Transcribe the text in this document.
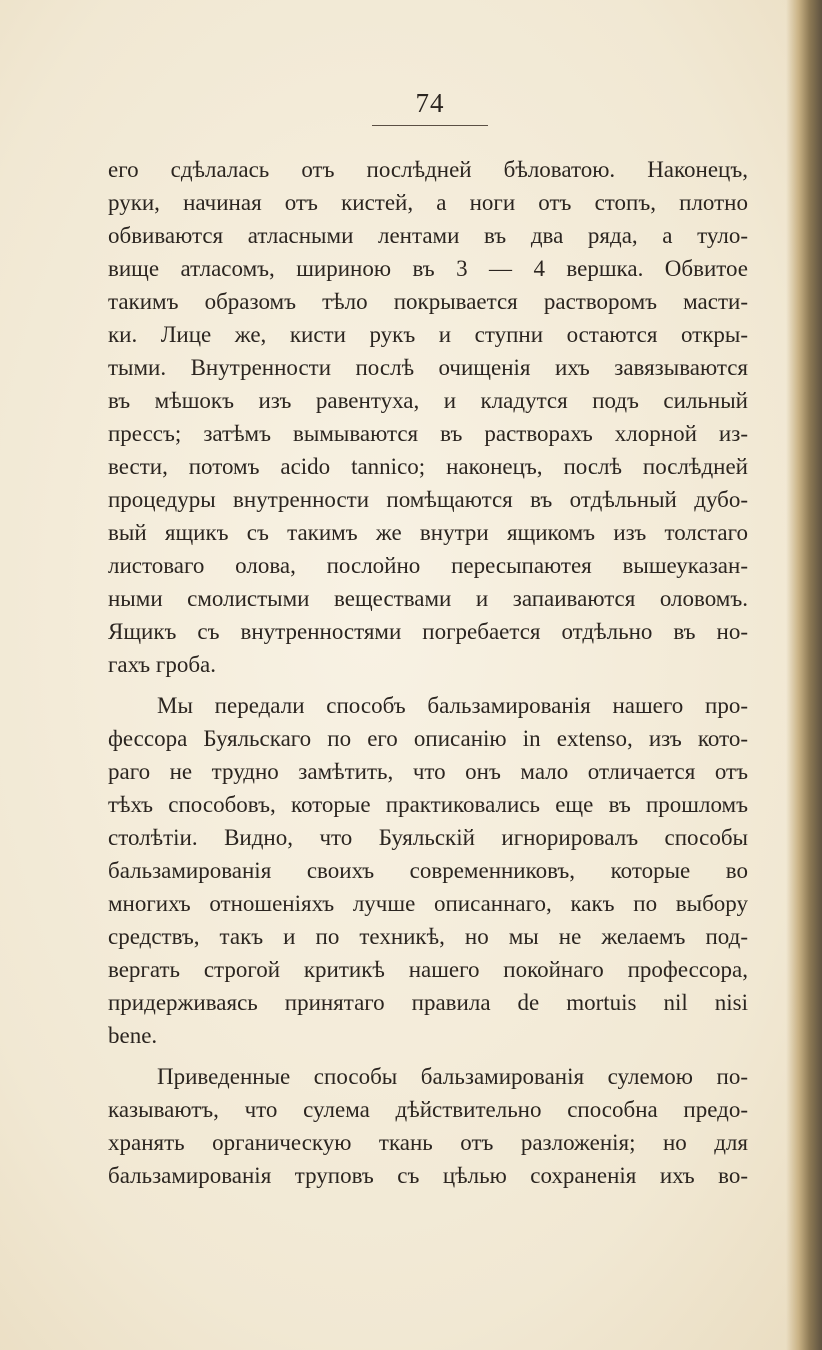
74
его сдѣлалась отъ послѣдней бѣловатою. Наконецъ,
руки, начиная отъ кистей, а ноги отъ стопъ, плотно
обвиваются атласными лентами въ два ряда, а туло-
вище атласомъ, шириною въ 3 — 4 вершка. Обвитое
такимъ образомъ тѣло покрывается растворомъ масти-
ки. Лице же, кисти рукъ и ступни остаются откры-
тыми. Внутренности послѣ очищенія ихъ завязываются
въ мѣшокъ изъ равентуха, и кладутся подъ сильный
прессъ; затѣмъ вымываются въ растворахъ хлорной из-
вести, потомъ acido tannico; наконецъ, послѣ послѣдней
процедуры внутренности помѣщаются въ отдѣльный дубо-
вый ящикъ съ такимъ же внутри ящикомъ изъ толстаго
листоваго олова, послойно пересыпаютея вышеуказан-
ными смолистыми веществами и запаиваются оловомъ.
Ящикъ съ внутренностями погребается отдѣльно въ но-
гахъ гроба.
Мы передали способъ бальзамированія нашего про-
фессора Буяльскаго по его описанію in extenso, изъ кото-
раго не трудно замѣтить, что онъ мало отличается отъ
тѣхъ способовъ, которые практиковались еще въ прошломъ
столѣтіи. Видно, что Буяльскій игнорировалъ способы
бальзамированія своихъ современниковъ, которые во
многихъ отношеніяхъ лучше описаннаго, какъ по выбору
средствъ, такъ и по техникѣ, но мы не желаемъ под-
вергать строгой критикѣ нашего покойнаго профессора,
придерживаясь принятаго правила de mortuis nil nisi
bene.
Приведенные способы бальзамированія сулемою по-
казываютъ, что сулема дѣйствительно способна предо-
хранять органическую ткань отъ разложенія; но для
бальзамированія труповъ съ цѣлью сохраненія ихъ во-
